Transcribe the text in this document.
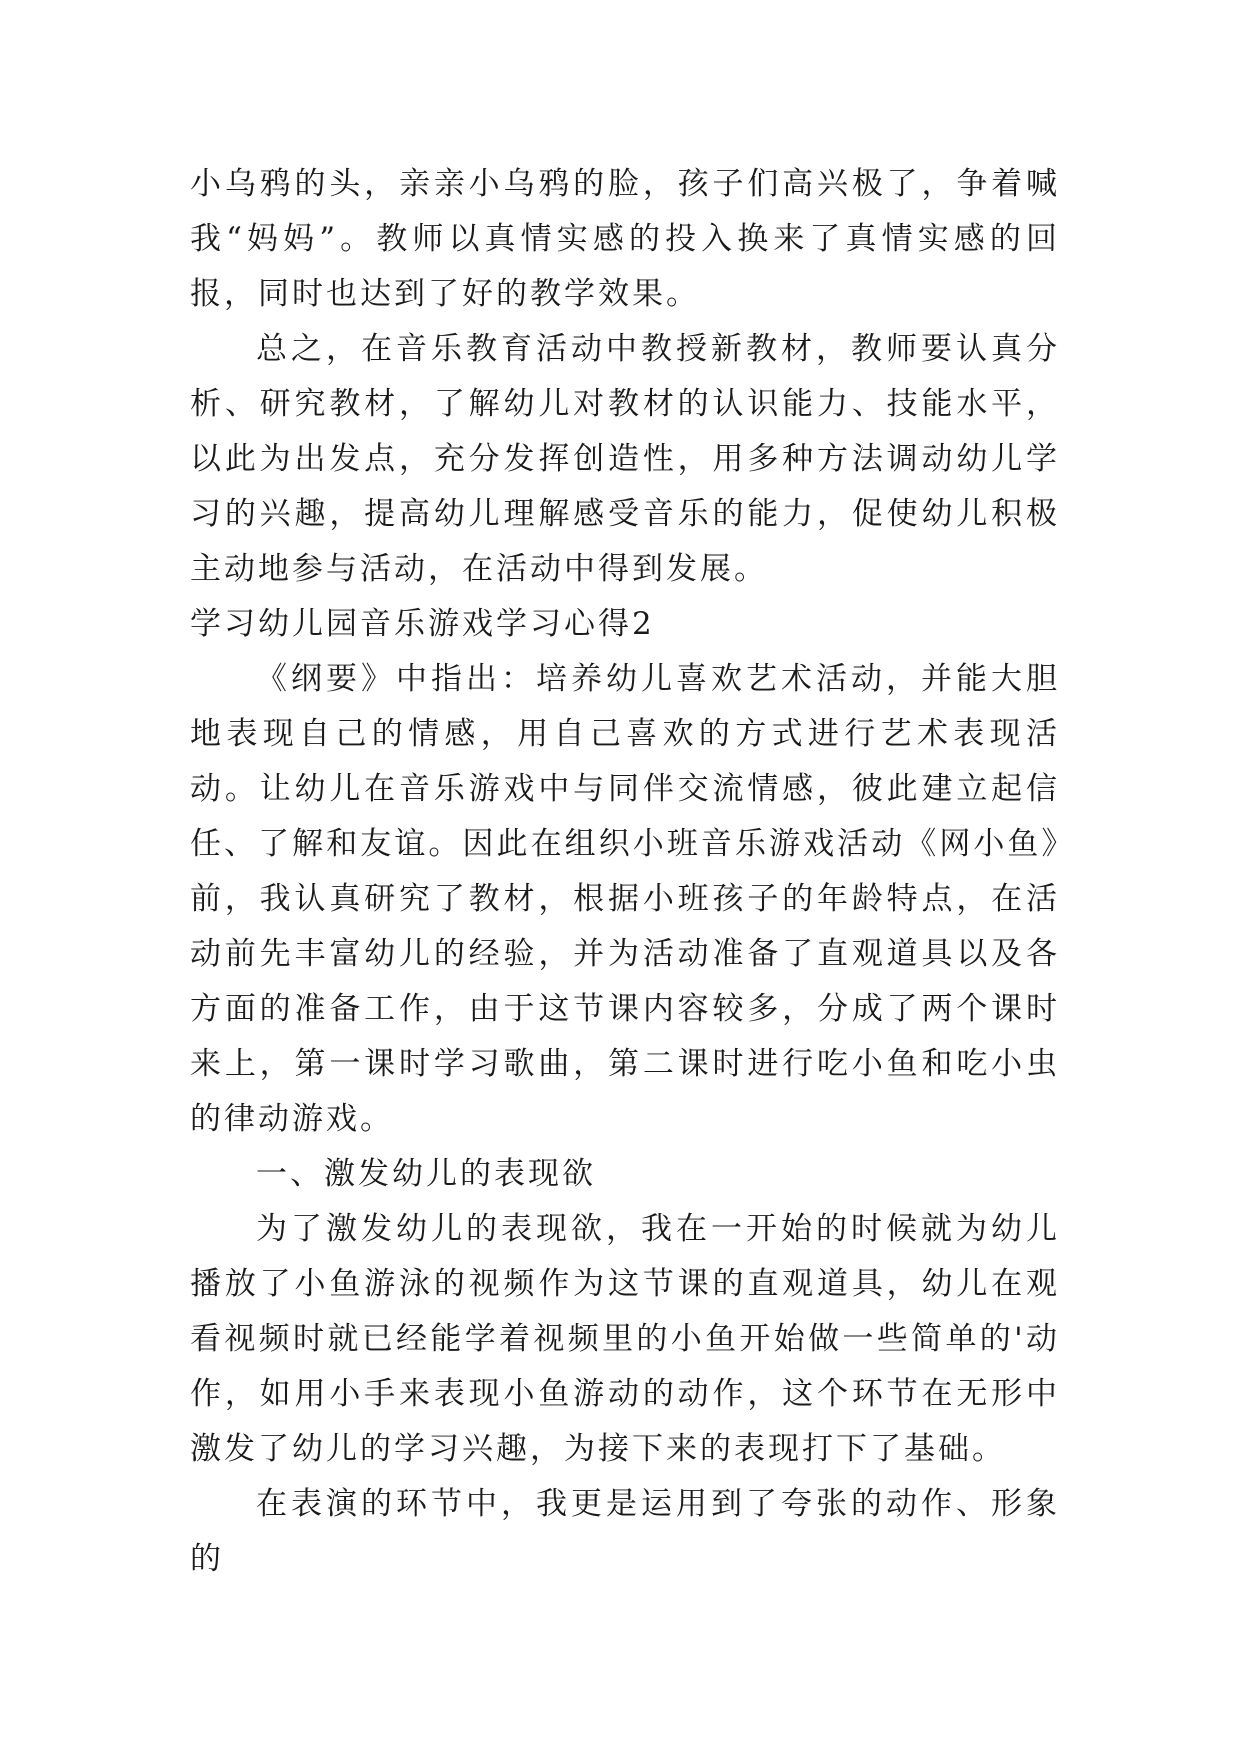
小乌鸦的头，亲亲小乌鸦的脸，孩子们高兴极了，争着喊我“妈妈”。教师以真情实感的投入换来了真情实感的回报，同时也达到了好的教学效果。

总之，在音乐教育活动中教授新教材，教师要认真分析、研究教材，了解幼儿对教材的认识能力、技能水平，以此为出发点，充分发挥创造性，用多种方法调动幼儿学习的兴趣，提高幼儿理解感受音乐的能力，促使幼儿积极主动地参与活动，在活动中得到发展。

学习幼儿园音乐游戏学习心得2

《纲要》中指出：培养幼儿喜欢艺术活动，并能大胆地表现自己的情感，用自己喜欢的方式进行艺术表现活动。让幼儿在音乐游戏中与同伴交流情感，彼此建立起信任、了解和友谊。因此在组织小班音乐游戏活动《网小鱼》前，我认真研究了教材，根据小班孩子的年龄特点，在活动前先丰富幼儿的经验，并为活动准备了直观道具以及各方面的准备工作，由于这节课内容较多，分成了两个课时来上，第一课时学习歌曲，第二课时进行吃小鱼和吃小虫的律动游戏。

一、激发幼儿的表现欲

为了激发幼儿的表现欲，我在一开始的时候就为幼儿播放了小鱼游泳的视频作为这节课的直观道具，幼儿在观看视频时就已经能学着视频里的小鱼开始做一些简单的'动作，如用小手来表现小鱼游动的动作，这个环节在无形中激发了幼儿的学习兴趣，为接下来的表现打下了基础。

在表演的环节中，我更是运用到了夸张的动作、形象的
